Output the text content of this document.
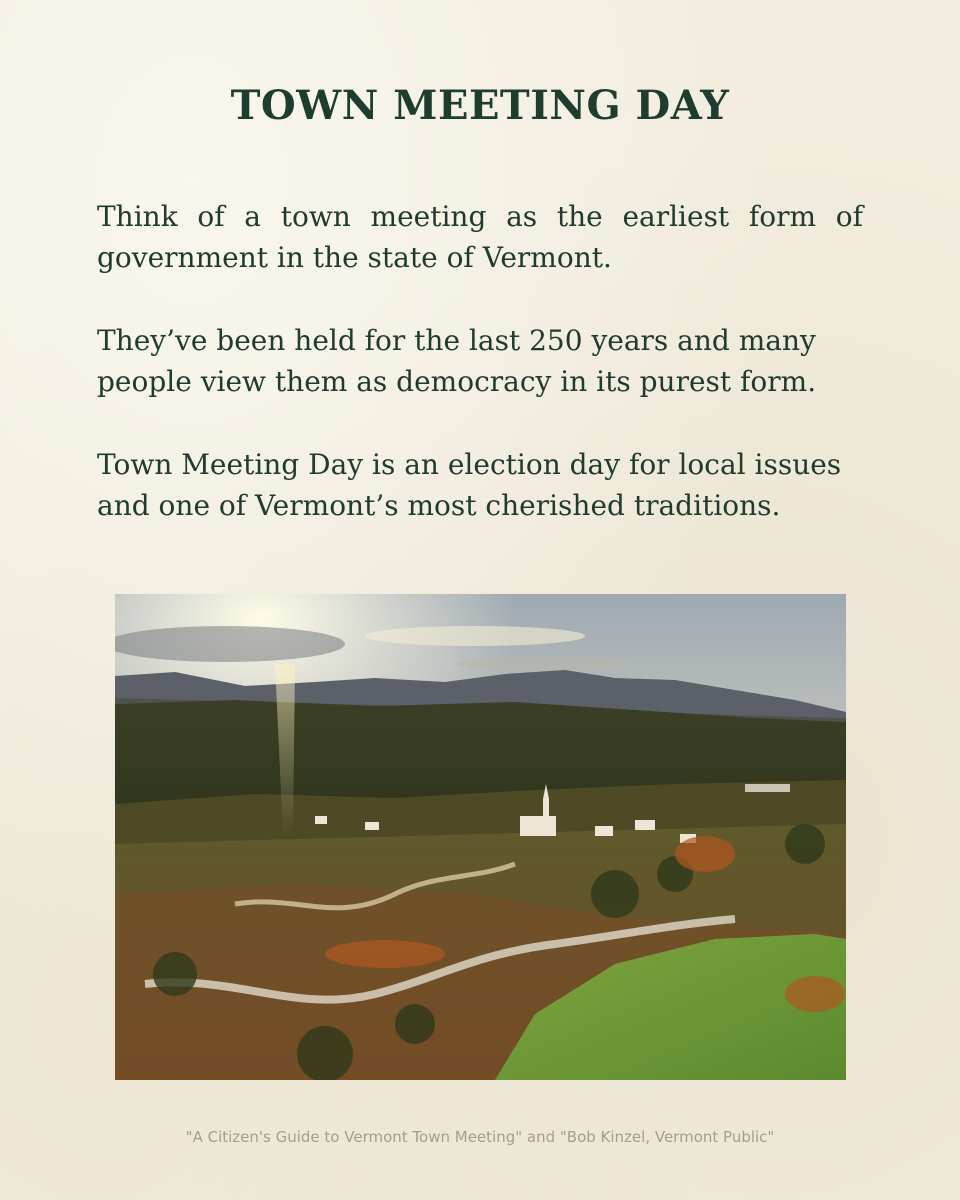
TOWN MEETING DAY

Think of a town meeting as the earliest form of government in the state of Vermont.

They’ve been held for the last 250 years and many people view them as democracy in its purest form.

Town Meeting Day is an election day for local issues and one of Vermont’s most cherished traditions.

"A Citizen's Guide to Vermont Town Meeting" and "Bob Kinzel, Vermont Public"
